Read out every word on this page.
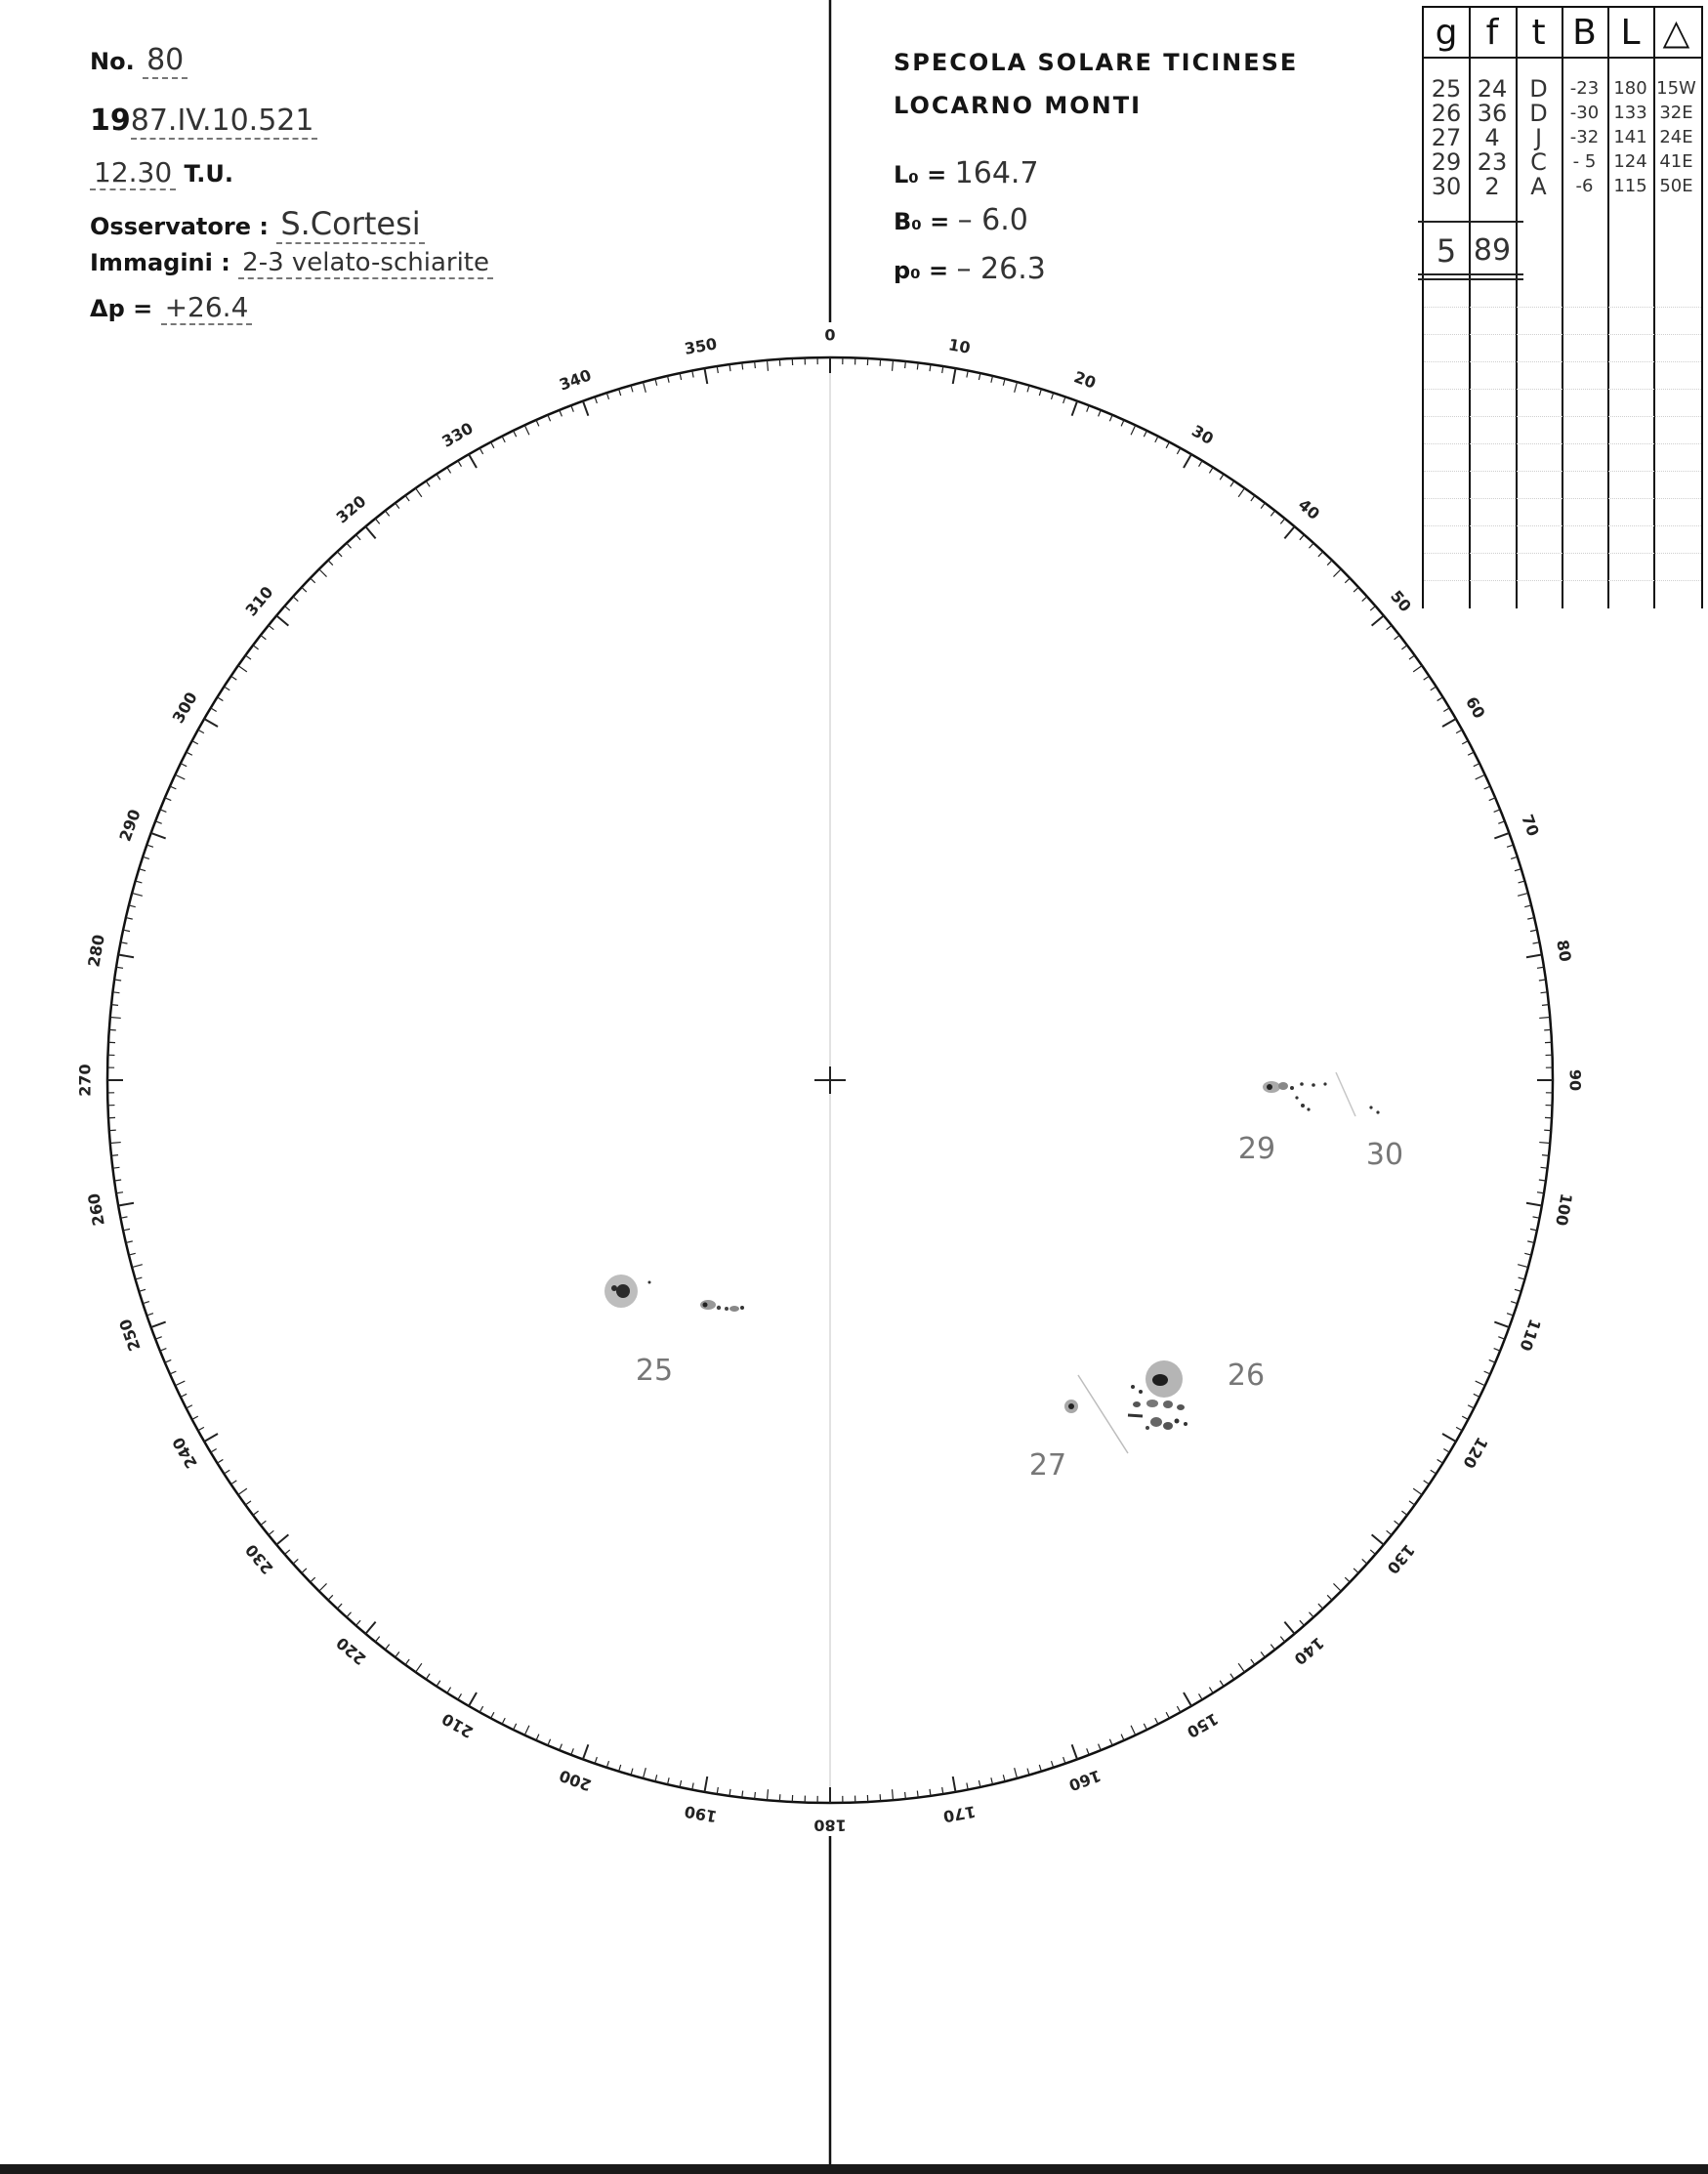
No. 80
1987.IV.10.521
12.30 T.U.
Osservatore : S.Cortesi
Immagini : 2-3 velato-schiarite
Δp = +26.4
SPECOLA SOLARE TICINESE
LOCARNO MONTI
L₀ = 164.7
B₀ = – 6.0
p₀ = – 26.3
g f t B L △
25 24 D	-23 180 15W
26 36 D	-30 133 32E
27	4	J	-32 141 24E
29 23 C	- 5 124 41E
30	2	A	-6	115 50E
5 89
0
10
20
30
40
50
60
70
80
90
100
110
120
130
140
150
160
170
180
190
200
210
220
230
240
250
260
270
280
290
300
310
320
330
340
350
25	26
27
29	30
